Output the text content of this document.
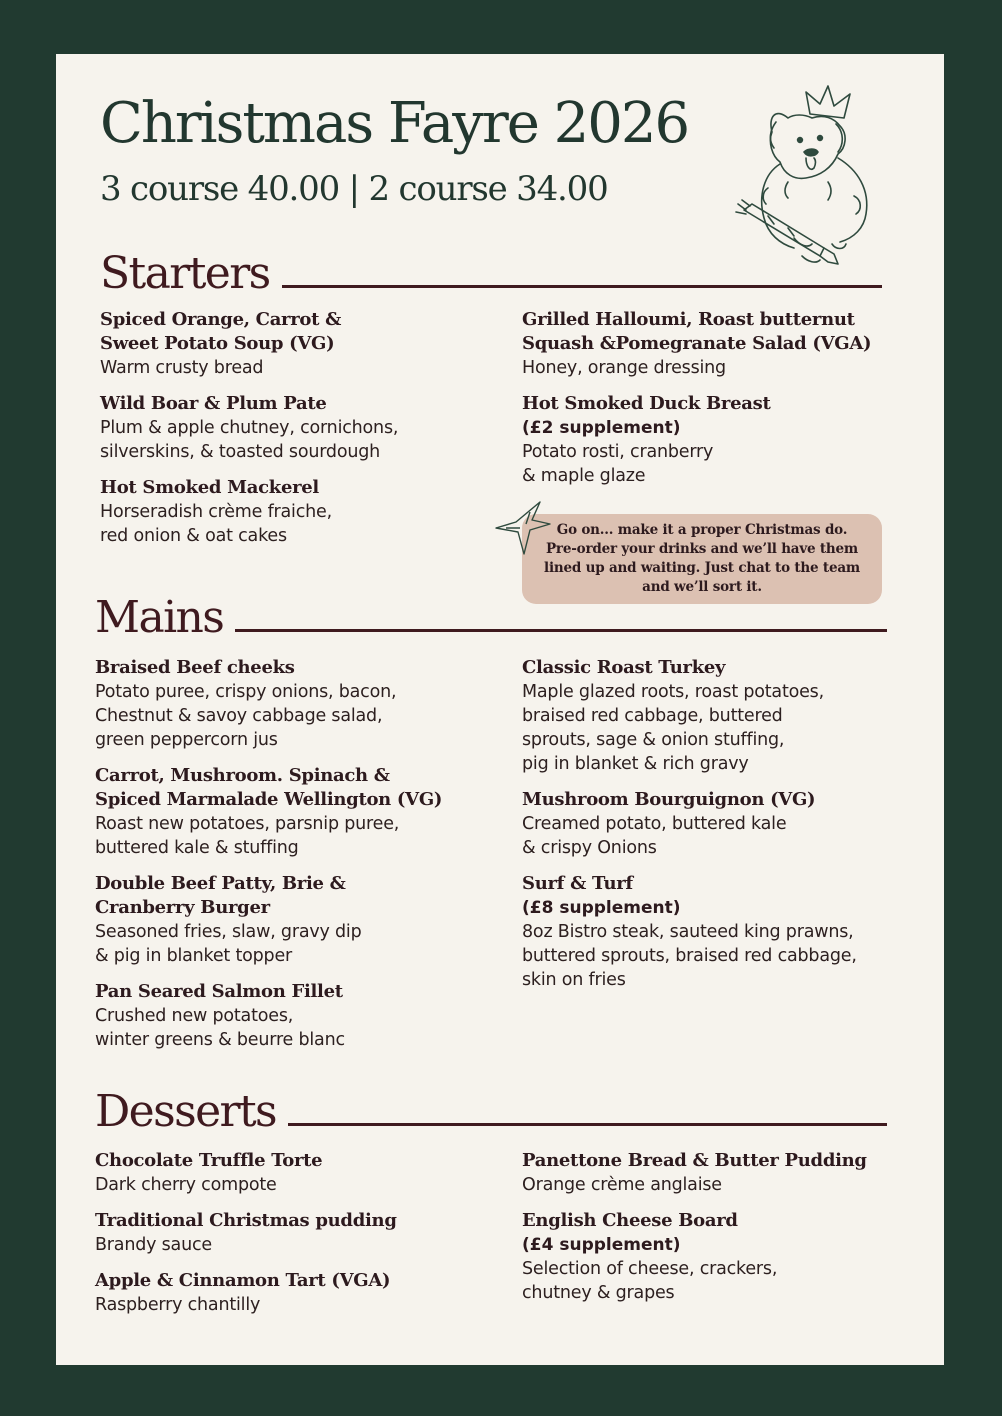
Christmas Fayre 2026
3 course 40.00 | 2 course 34.00
Starters
Spiced Orange, Carrot &
Sweet Potato Soup (VG)
Warm crusty bread
Wild Boar & Plum Pate
Plum & apple chutney, cornichons,
silverskins, & toasted sourdough
Hot Smoked Mackerel
Horseradish crème fraiche,
red onion & oat cakes
Grilled Halloumi, Roast butternut
Squash &Pomegranate Salad (VGA)
Honey, orange dressing
Hot Smoked Duck Breast
(£2 supplement)
Potato rosti, cranberry
& maple glaze
Go on... make it a proper Christmas do.
Pre-order your drinks and we’ll have them
lined up and waiting. Just chat to the team
and we’ll sort it.
Mains
Braised Beef cheeks
Potato puree, crispy onions, bacon,
Chestnut & savoy cabbage salad,
green peppercorn jus
Carrot, Mushroom. Spinach &
Spiced Marmalade Wellington (VG)
Roast new potatoes, parsnip puree,
buttered kale & stuffing
Double Beef Patty, Brie &
Cranberry Burger
Seasoned fries, slaw, gravy dip
& pig in blanket topper
Pan Seared Salmon Fillet
Crushed new potatoes,
winter greens & beurre blanc
Classic Roast Turkey
Maple glazed roots, roast potatoes,
braised red cabbage, buttered
sprouts, sage & onion stuffing,
pig in blanket & rich gravy
Mushroom Bourguignon (VG)
Creamed potato, buttered kale
& crispy Onions
Surf & Turf
(£8 supplement)
8oz Bistro steak, sauteed king prawns,
buttered sprouts, braised red cabbage,
skin on fries
Desserts
Chocolate Truffle Torte
Dark cherry compote
Traditional Christmas pudding
Brandy sauce
Apple & Cinnamon Tart (VGA)
Raspberry chantilly
Panettone Bread & Butter Pudding
Orange crème anglaise
English Cheese Board
(£4 supplement)
Selection of cheese, crackers,
chutney & grapes
